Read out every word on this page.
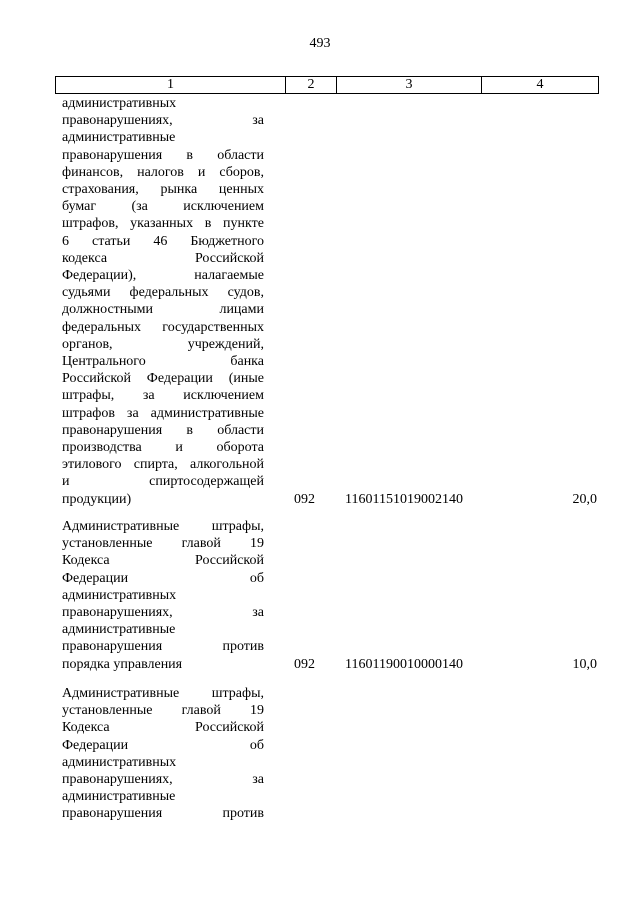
493
1	2	3	4
административных
правонарушениях, за
административные
правонарушения в области
финансов, налогов и сборов,
страхования, рынка ценных
бумаг (за исключением
штрафов, указанных в пункте
6 статьи 46 Бюджетного
кодекса Российской
Федерации), налагаемые
судьями федеральных судов,
должностными лицами
федеральных государственных
органов, учреждений,
Центрального банка
Российской Федерации (иные
штрафы, за исключением
штрафов за административные
правонарушения в области
производства и оборота
этилового спирта, алкогольной
и спиртосодержащей
продукции)	092 11601151019002140	20,0
Административные штрафы,
установленные главой 19
Кодекса Российской
Федерации об
административных
правонарушениях, за
административные
правонарушения против
порядка управления	092 11601190010000140	10,0
Административные штрафы,
установленные главой 19
Кодекса Российской
Федерации об
административных
правонарушениях, за
административные
правонарушения против
